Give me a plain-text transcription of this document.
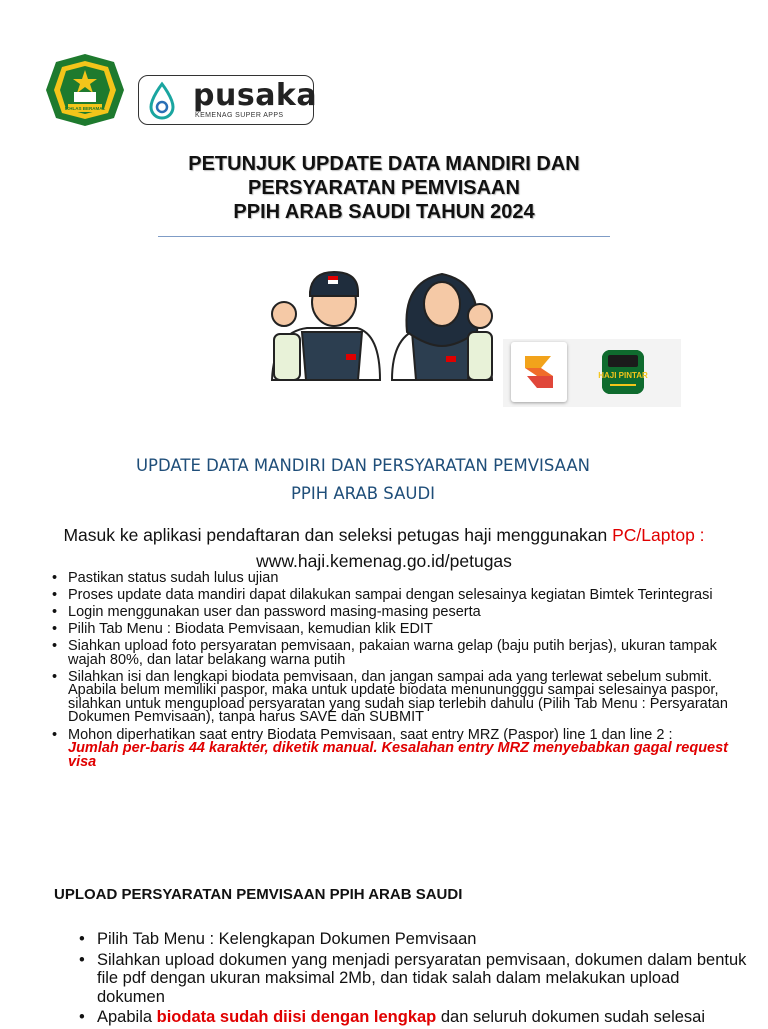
IKHLAS BERAMAL	pusaka
KEMENAG SUPER APPS
PETUNJUK UPDATE DATA MANDIRI DAN
PERSYARATAN PEMVISAAN
PPIH ARAB SAUDI TAHUN 2024
HAJI PINTAR
UPDATE DATA MANDIRI DAN PERSYARATAN PEMVISAAN
PPIH ARAB SAUDI
Masuk ke aplikasi pendaftaran dan seleksi petugas haji menggunakan PC/Laptop :
www.haji.kemenag.go.id/petugas
• Pastikan status sudah lulus ujian
• Proses update data mandiri dapat dilakukan sampai dengan selesainya kegiatan Bimtek Terintegrasi
• Login menggunakan user dan password masing-masing peserta
• Pilih Tab Menu : Biodata Pemvisaan, kemudian klik EDIT
• Siahkan upload foto persyaratan pemvisaan, pakaian warna gelap (baju putih berjas), ukuran tampak wajah 80%, dan latar belakang warna putih
• Silahkan isi dan lengkapi biodata pemvisaan, dan jangan sampai ada yang terlewat sebelum submit. Apabila belum memiliki paspor, maka untuk update biodata menunungggu sampai selesainya paspor, silahkan untuk mengupload persyaratan yang sudah siap terlebih dahulu (Pilih Tab Menu : Persyaratan Dokumen Pemvisaan), tanpa harus SAVE dan SUBMIT
• Mohon diperhatikan saat entry Biodata Pemvisaan, saat entry MRZ (Paspor) line 1 dan line 2 :
Jumlah per-baris 44 karakter, diketik manual. Kesalahan entry MRZ menyebabkan gagal request visa
UPLOAD PERSYARATAN PEMVISAAN PPIH ARAB SAUDI
• Pilih Tab Menu : Kelengkapan Dokumen Pemvisaan
• Silahkan upload dokumen yang menjadi persyaratan pemvisaan, dokumen dalam bentuk file pdf dengan ukuran maksimal 2Mb, dan tidak salah dalam melakukan upload dokumen
• Apabila biodata sudah diisi dengan lengkap dan seluruh dokumen sudah selesai
